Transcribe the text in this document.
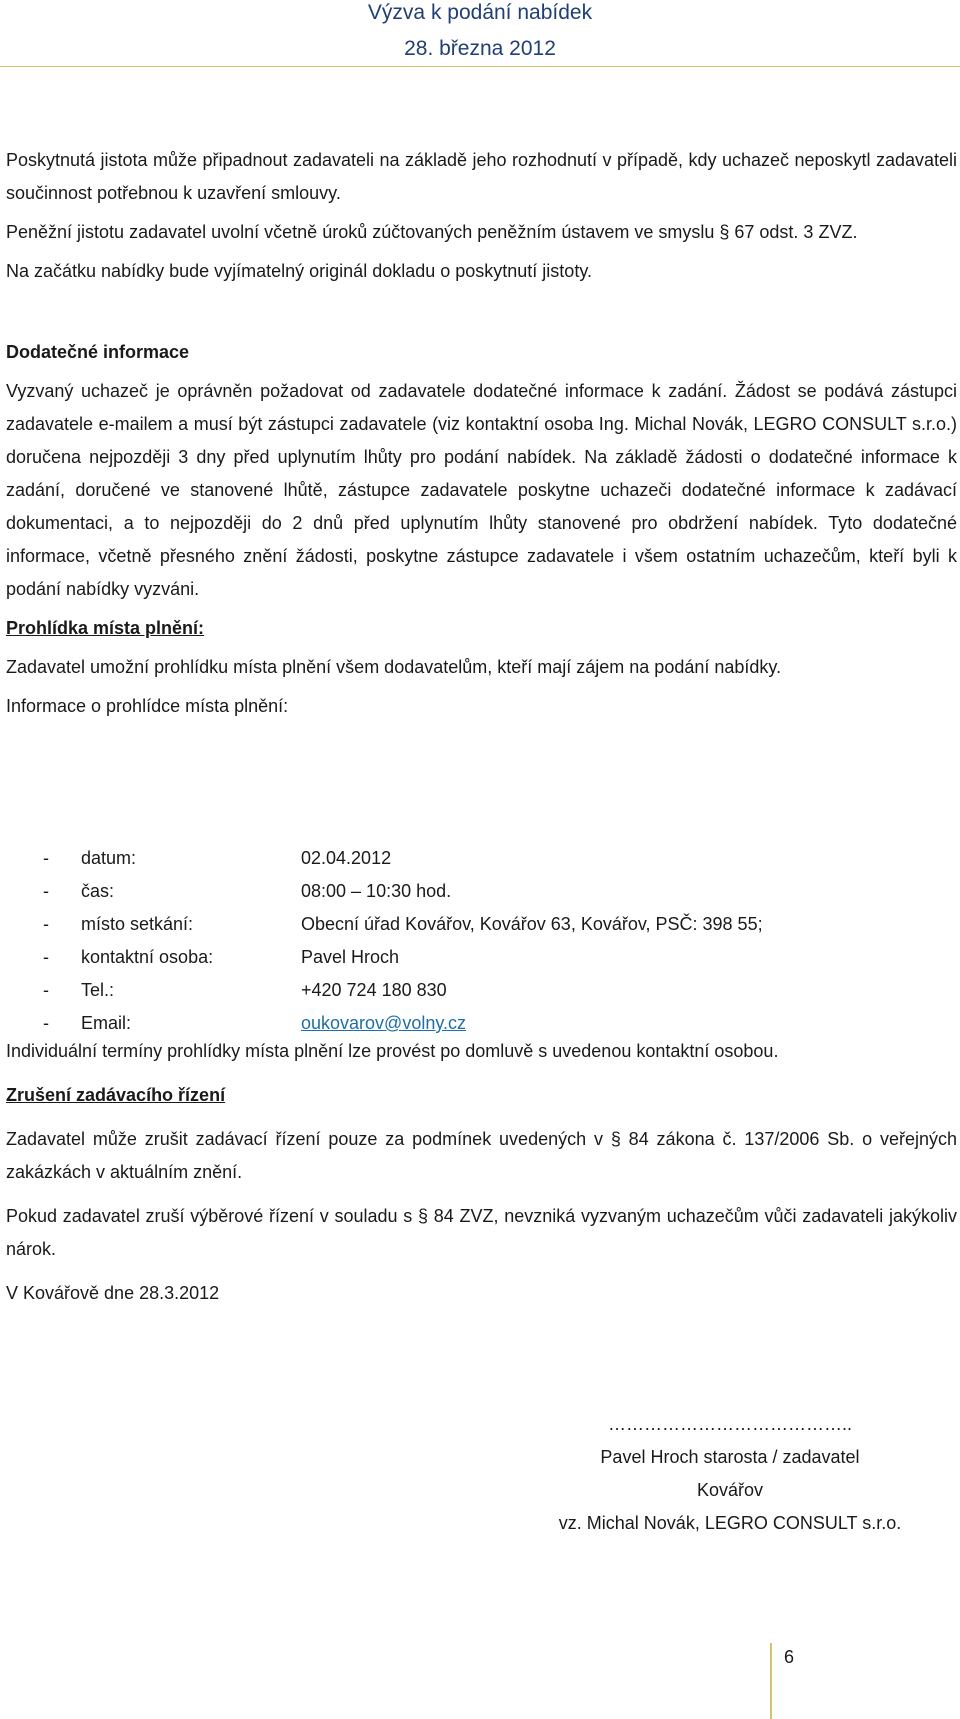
Výzva k podání nabídek
28. března 2012

Poskytnutá jistota může připadnout zadavateli na základě jeho rozhodnutí v případě, kdy uchazeč neposkytl zadavateli součinnost potřebnou k uzavření smlouvy.

Peněžní jistotu zadavatel uvolní včetně úroků zúčtovaných peněžním ústavem ve smyslu § 67 odst. 3 ZVZ.

Na začátku nabídky bude vyjímatelný originál dokladu o poskytnutí jistoty.

Dodatečné informace

Vyzvaný uchazeč je oprávněn požadovat od zadavatele dodatečné informace k zadání. Žádost se podává zástupci zadavatele e-mailem a musí být zástupci zadavatele (viz kontaktní osoba Ing. Michal Novák, LEGRO CONSULT s.r.o.) doručena nejpozději 3 dny před uplynutím lhůty pro podání nabídek. Na základě žádosti o dodatečné informace k zadání, doručené ve stanovené lhůtě, zástupce zadavatele poskytne uchazeči dodatečné informace k zadávací dokumentaci, a to nejpozději do 2 dnů před uplynutím lhůty stanovené pro obdržení nabídek. Tyto dodatečné informace, včetně přesného znění žádosti, poskytne zástupce zadavatele i všem ostatním uchazečům, kteří byli k podání nabídky vyzváni.

Prohlídka místa plnění:

Zadavatel umožní prohlídku místa plnění všem dodavatelům, kteří mají zájem na podání nabídky.

Informace o prohlídce místa plnění:

-	datum:	02.04.2012
-	čas:	08:00 – 10:30 hod.
-	místo setkání:	Obecní úřad Kovářov, Kovářov 63, Kovářov, PSČ: 398 55;
-	kontaktní osoba:	Pavel Hroch
-	Tel.:	+420 724 180 830
-	Email:	oukovarov@volny.cz

Individuální termíny prohlídky místa plnění lze provést po domluvě s uvedenou kontaktní osobou.

Zrušení zadávacího řízení

Zadavatel může zrušit zadávací řízení pouze za podmínek uvedených v § 84 zákona č. 137/2006 Sb. o veřejných zakázkách v aktuálním znění.

Pokud zadavatel zruší výběrové řízení v souladu s § 84 ZVZ, nevzniká vyzvaným uchazečům vůči zadavateli jakýkoliv nárok.

V Kovářově dne 28.3.2012

…………………………………..
Pavel Hroch starosta / zadavatel
Kovářov
vz. Michal Novák, LEGRO CONSULT s.r.o.
6
